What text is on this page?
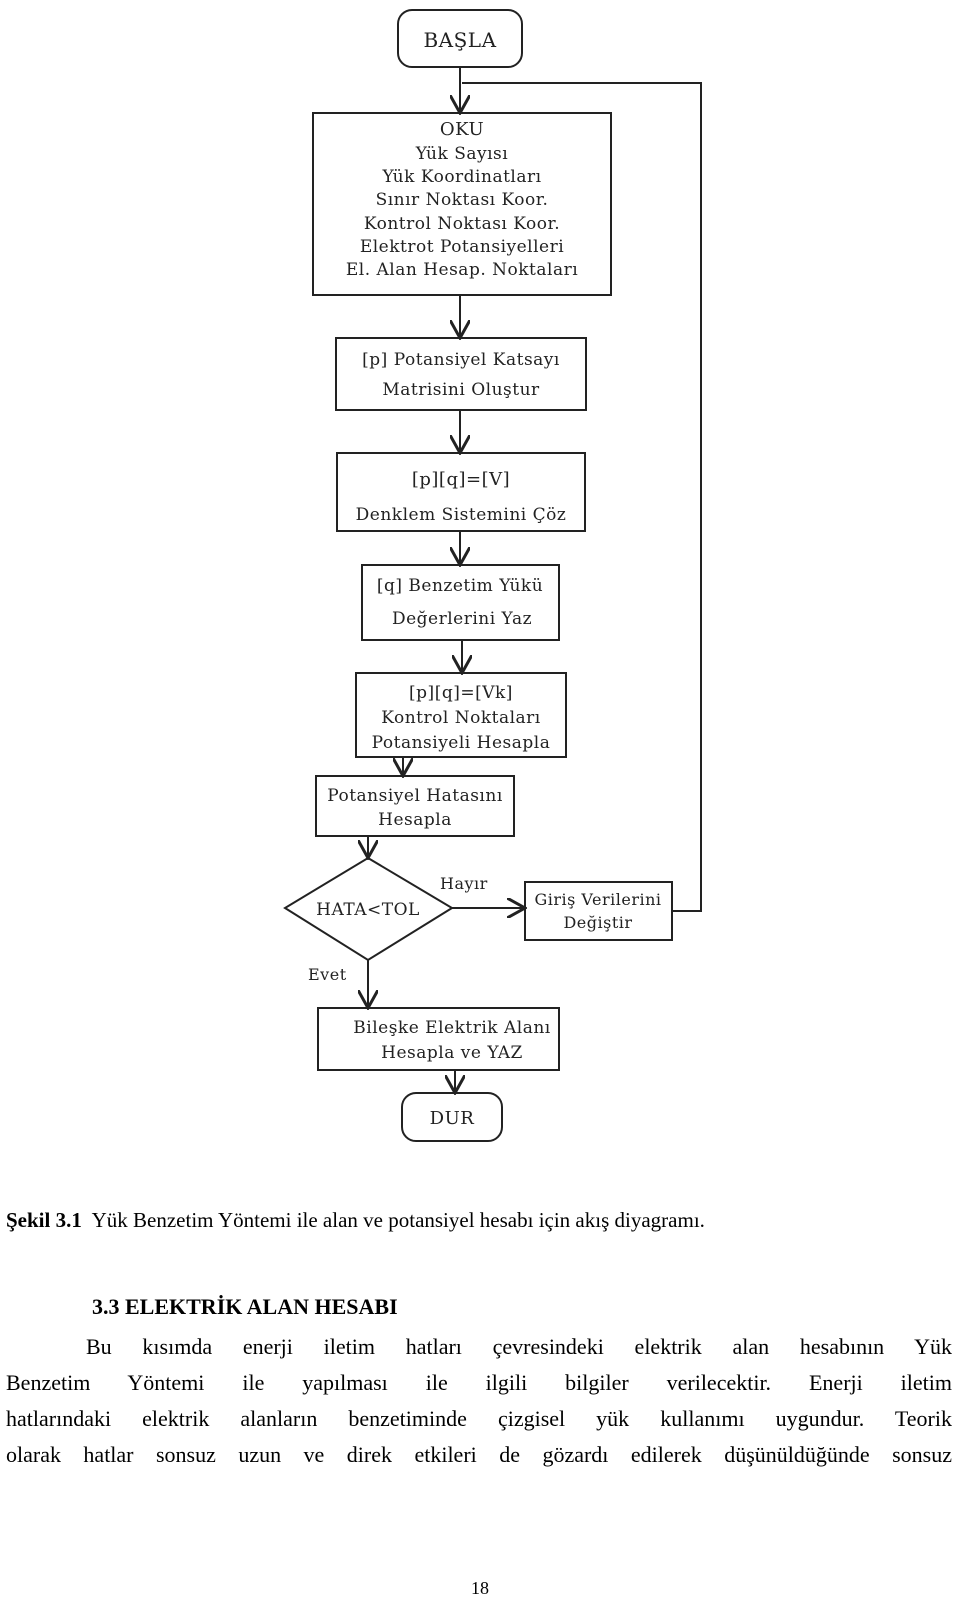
BAŞLA
OKU
Yük Sayısı
Yük Koordinatları
Sınır Noktası Koor.
Kontrol Noktası Koor.
Elektrot Potansiyelleri
El. Alan Hesap. Noktaları
[p] Potansiyel Katsayı
Matrisini Oluştur
[p][q]=[V]
Denklem Sistemini Çöz
[q] Benzetim Yükü
Değerlerini Yaz
[p][q]=[Vk]
Kontrol Noktaları
Potansiyeli Hesapla
Potansiyel Hatasını
Hesapla
HATA<TOL
Giriş Verilerini
Değiştir
Bileşke Elektrik Alanı
Hesapla ve YAZ
DUR
Hayır
Evet
Şekil 3.1 Yük Benzetim Yöntemi ile alan ve potansiyel hesabı için akış diyagramı.
3.3 ELEKTRİK ALAN HESABI
Bu kısımda enerji iletim hatları çevresindeki elektrik alan hesabının Yük
Benzetim Yöntemi ile yapılması ile ilgili bilgiler verilecektir. Enerji iletim
hatlarındaki elektrik alanların benzetiminde çizgisel yük kullanımı uygundur. Teorik
olarak hatlar sonsuz uzun ve direk etkileri de gözardı edilerek düşünüldüğünde sonsuz
18
